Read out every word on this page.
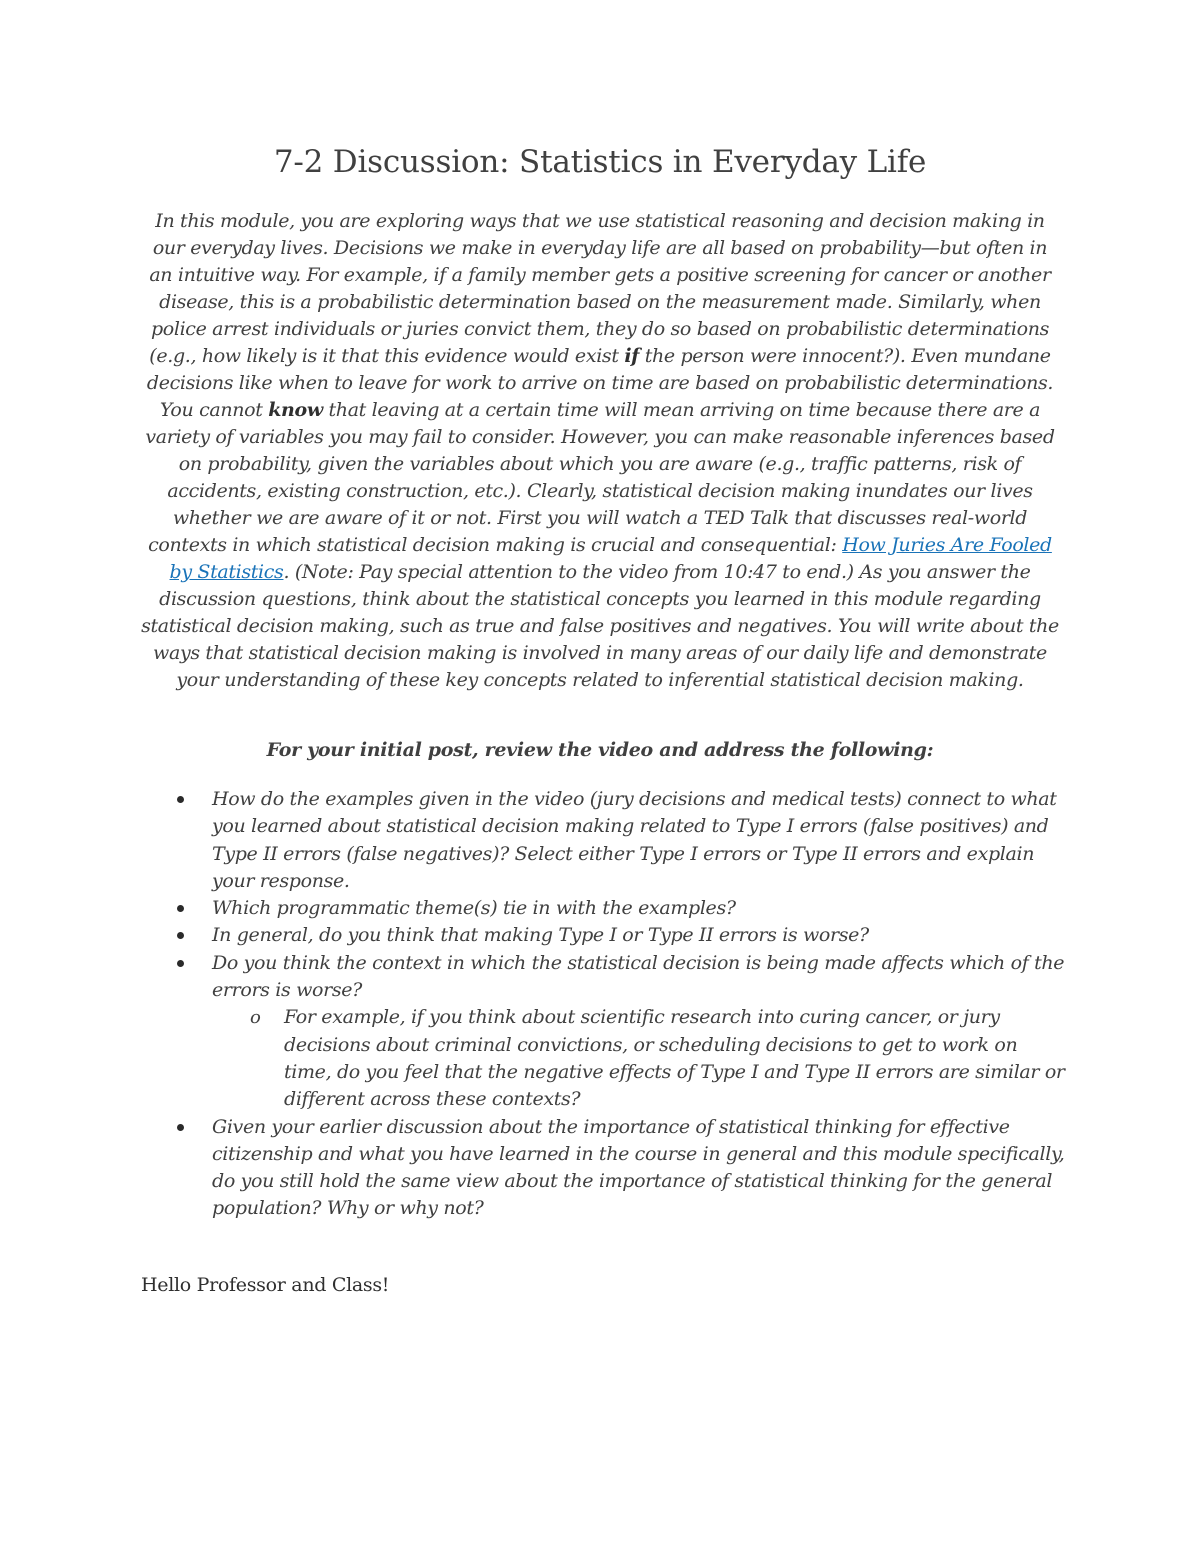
7-2 Discussion: Statistics in Everyday Life
In this module, you are exploring ways that we use statistical reasoning and decision making in our everyday lives. Decisions we make in everyday life are all based on probability—but often in an intuitive way. For example, if a family member gets a positive screening for cancer or another disease, this is a probabilistic determination based on the measurement made. Similarly, when police arrest individuals or juries convict them, they do so based on probabilistic determinations (e.g., how likely is it that this evidence would exist if the person were innocent?). Even mundane decisions like when to leave for work to arrive on time are based on probabilistic determinations. You cannot know that leaving at a certain time will mean arriving on time because there are a variety of variables you may fail to consider. However, you can make reasonable inferences based on probability, given the variables about which you are aware (e.g., traffic patterns, risk of accidents, existing construction, etc.). Clearly, statistical decision making inundates our lives whether we are aware of it or not. First you will watch a TED Talk that discusses real-world contexts in which statistical decision making is crucial and consequential: How Juries Are Fooled by Statistics. (Note: Pay special attention to the video from 10:47 to end.) As you answer the discussion questions, think about the statistical concepts you learned in this module regarding statistical decision making, such as true and false positives and negatives. You will write about the ways that statistical decision making is involved in many areas of our daily life and demonstrate your understanding of these key concepts related to inferential statistical decision making.
For your initial post, review the video and address the following:
How do the examples given in the video (jury decisions and medical tests) connect to what you learned about statistical decision making related to Type I errors (false positives) and Type II errors (false negatives)? Select either Type I errors or Type II errors and explain your response.
Which programmatic theme(s) tie in with the examples?
In general, do you think that making Type I or Type II errors is worse?
Do you think the context in which the statistical decision is being made affects which of the errors is worse?
o For example, if you think about scientific research into curing cancer, or jury decisions about criminal convictions, or scheduling decisions to get to work on time, do you feel that the negative effects of Type I and Type II errors are similar or different across these contexts?
Given your earlier discussion about the importance of statistical thinking for effective citizenship and what you have learned in the course in general and this module specifically, do you still hold the same view about the importance of statistical thinking for the general population? Why or why not?
Hello Professor and Class!
